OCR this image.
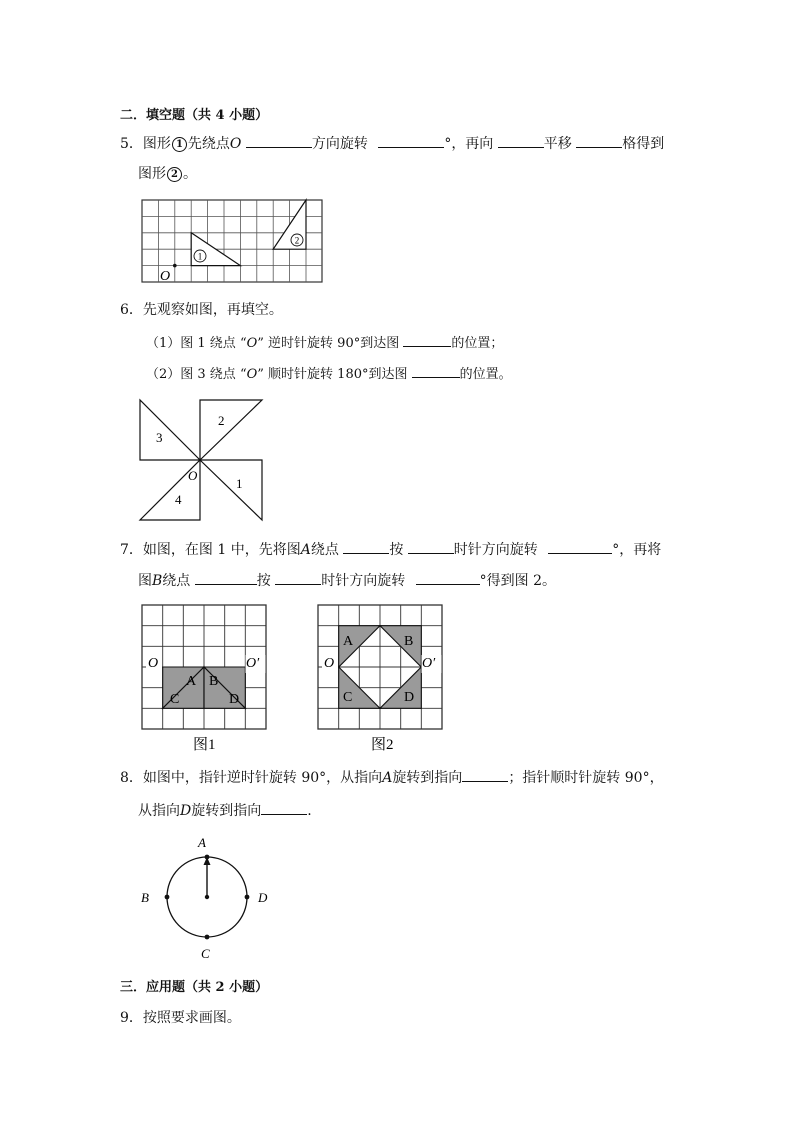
二．填空题（共 4 小题）
5．图形 1 先绕点O	方向旋转	°，再向	平移	格得到
图形 2 。
1
2
O
6．先观察如图，再填空。
（1）图 1 绕点 “O” 逆时针旋转 90°到达图	的位置；
（2）图 3 绕点 “O” 顺时针旋转 180°到达图	的位置。
2
1
4
3
O
7．如图，在图 1 中，先将图A绕点	按	时针方向旋转	°，再将
图B绕点	按	时针方向旋转	°得到图 2。
A B
C	D
O	O′
图1
A	B
C	D
O	O′
图2
8．如图中，指针逆时针旋转 90°，从指向A旋转到指向	；指针顺时针旋转 90°，
从指向D旋转到指向	.
A
B	D
C
三．应用题（共 2 小题）
9．按照要求画图。
